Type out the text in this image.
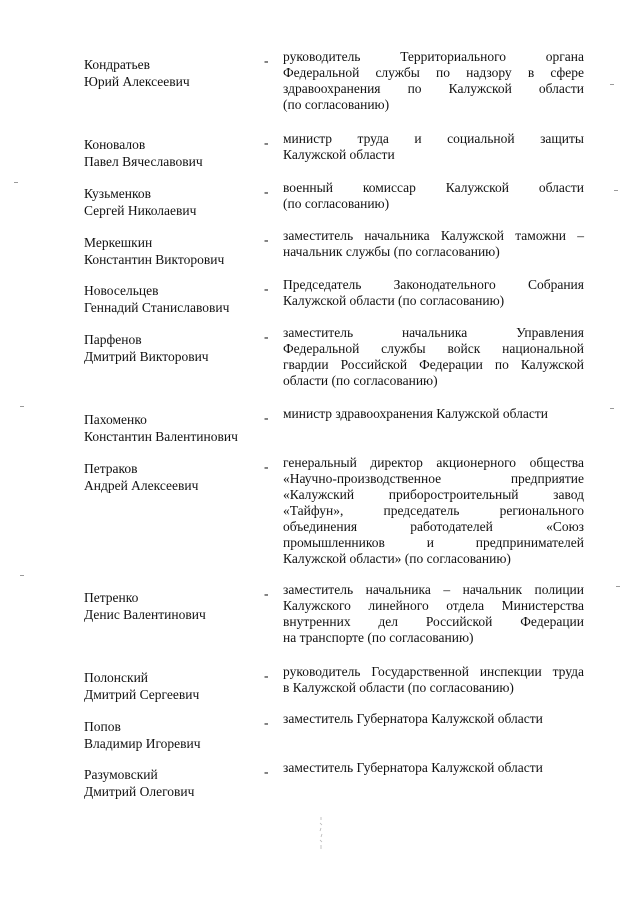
Кондратьев
Юрий Алексеевич
- руководитель Территориального органа
Федеральной службы по надзору в сфере
здравоохранения по Калужской области
(по согласованию)
Коновалов
Павел Вячеславович
- министр труда и социальной защиты
Калужской области
Кузьменков
Сергей Николаевич
- военный комиссар Калужской области
(по согласованию)
Меркешкин
Константин Викторович
- заместитель начальника Калужской таможни –
начальник службы (по согласованию)
Новосельцев
Геннадий Станиславович
- Председатель Законодательного Собрания
Калужской области (по согласованию)
Парфенов
Дмитрий Викторович
- заместитель начальника Управления
Федеральной службы войск национальной
гвардии Российской Федерации по Калужской
области (по согласованию)
Пахоменко
Константин Валентинович
- министр здравоохранения Калужской области
Петраков
Андрей Алексеевич
- генеральный директор акционерного общества
«Научно-производственное предприятие
«Калужский приборостроительный завод
«Тайфун», председатель регионального
объединения работодателей «Союз
промышленников и предпринимателей
Калужской области» (по согласованию)
Петренко
Денис Валентинович
- заместитель начальника – начальник полиции
Калужского линейного отдела Министерства
внутренних дел Российской Федерации
на транспорте (по согласованию)
Полонский
Дмитрий Сергеевич
- руководитель Государственной инспекции труда
в Калужской области (по согласованию)
Попов
Владимир Игоревич
- заместитель Губернатора Калужской области
Разумовский
Дмитрий Олегович
- заместитель Губернатора Калужской области
